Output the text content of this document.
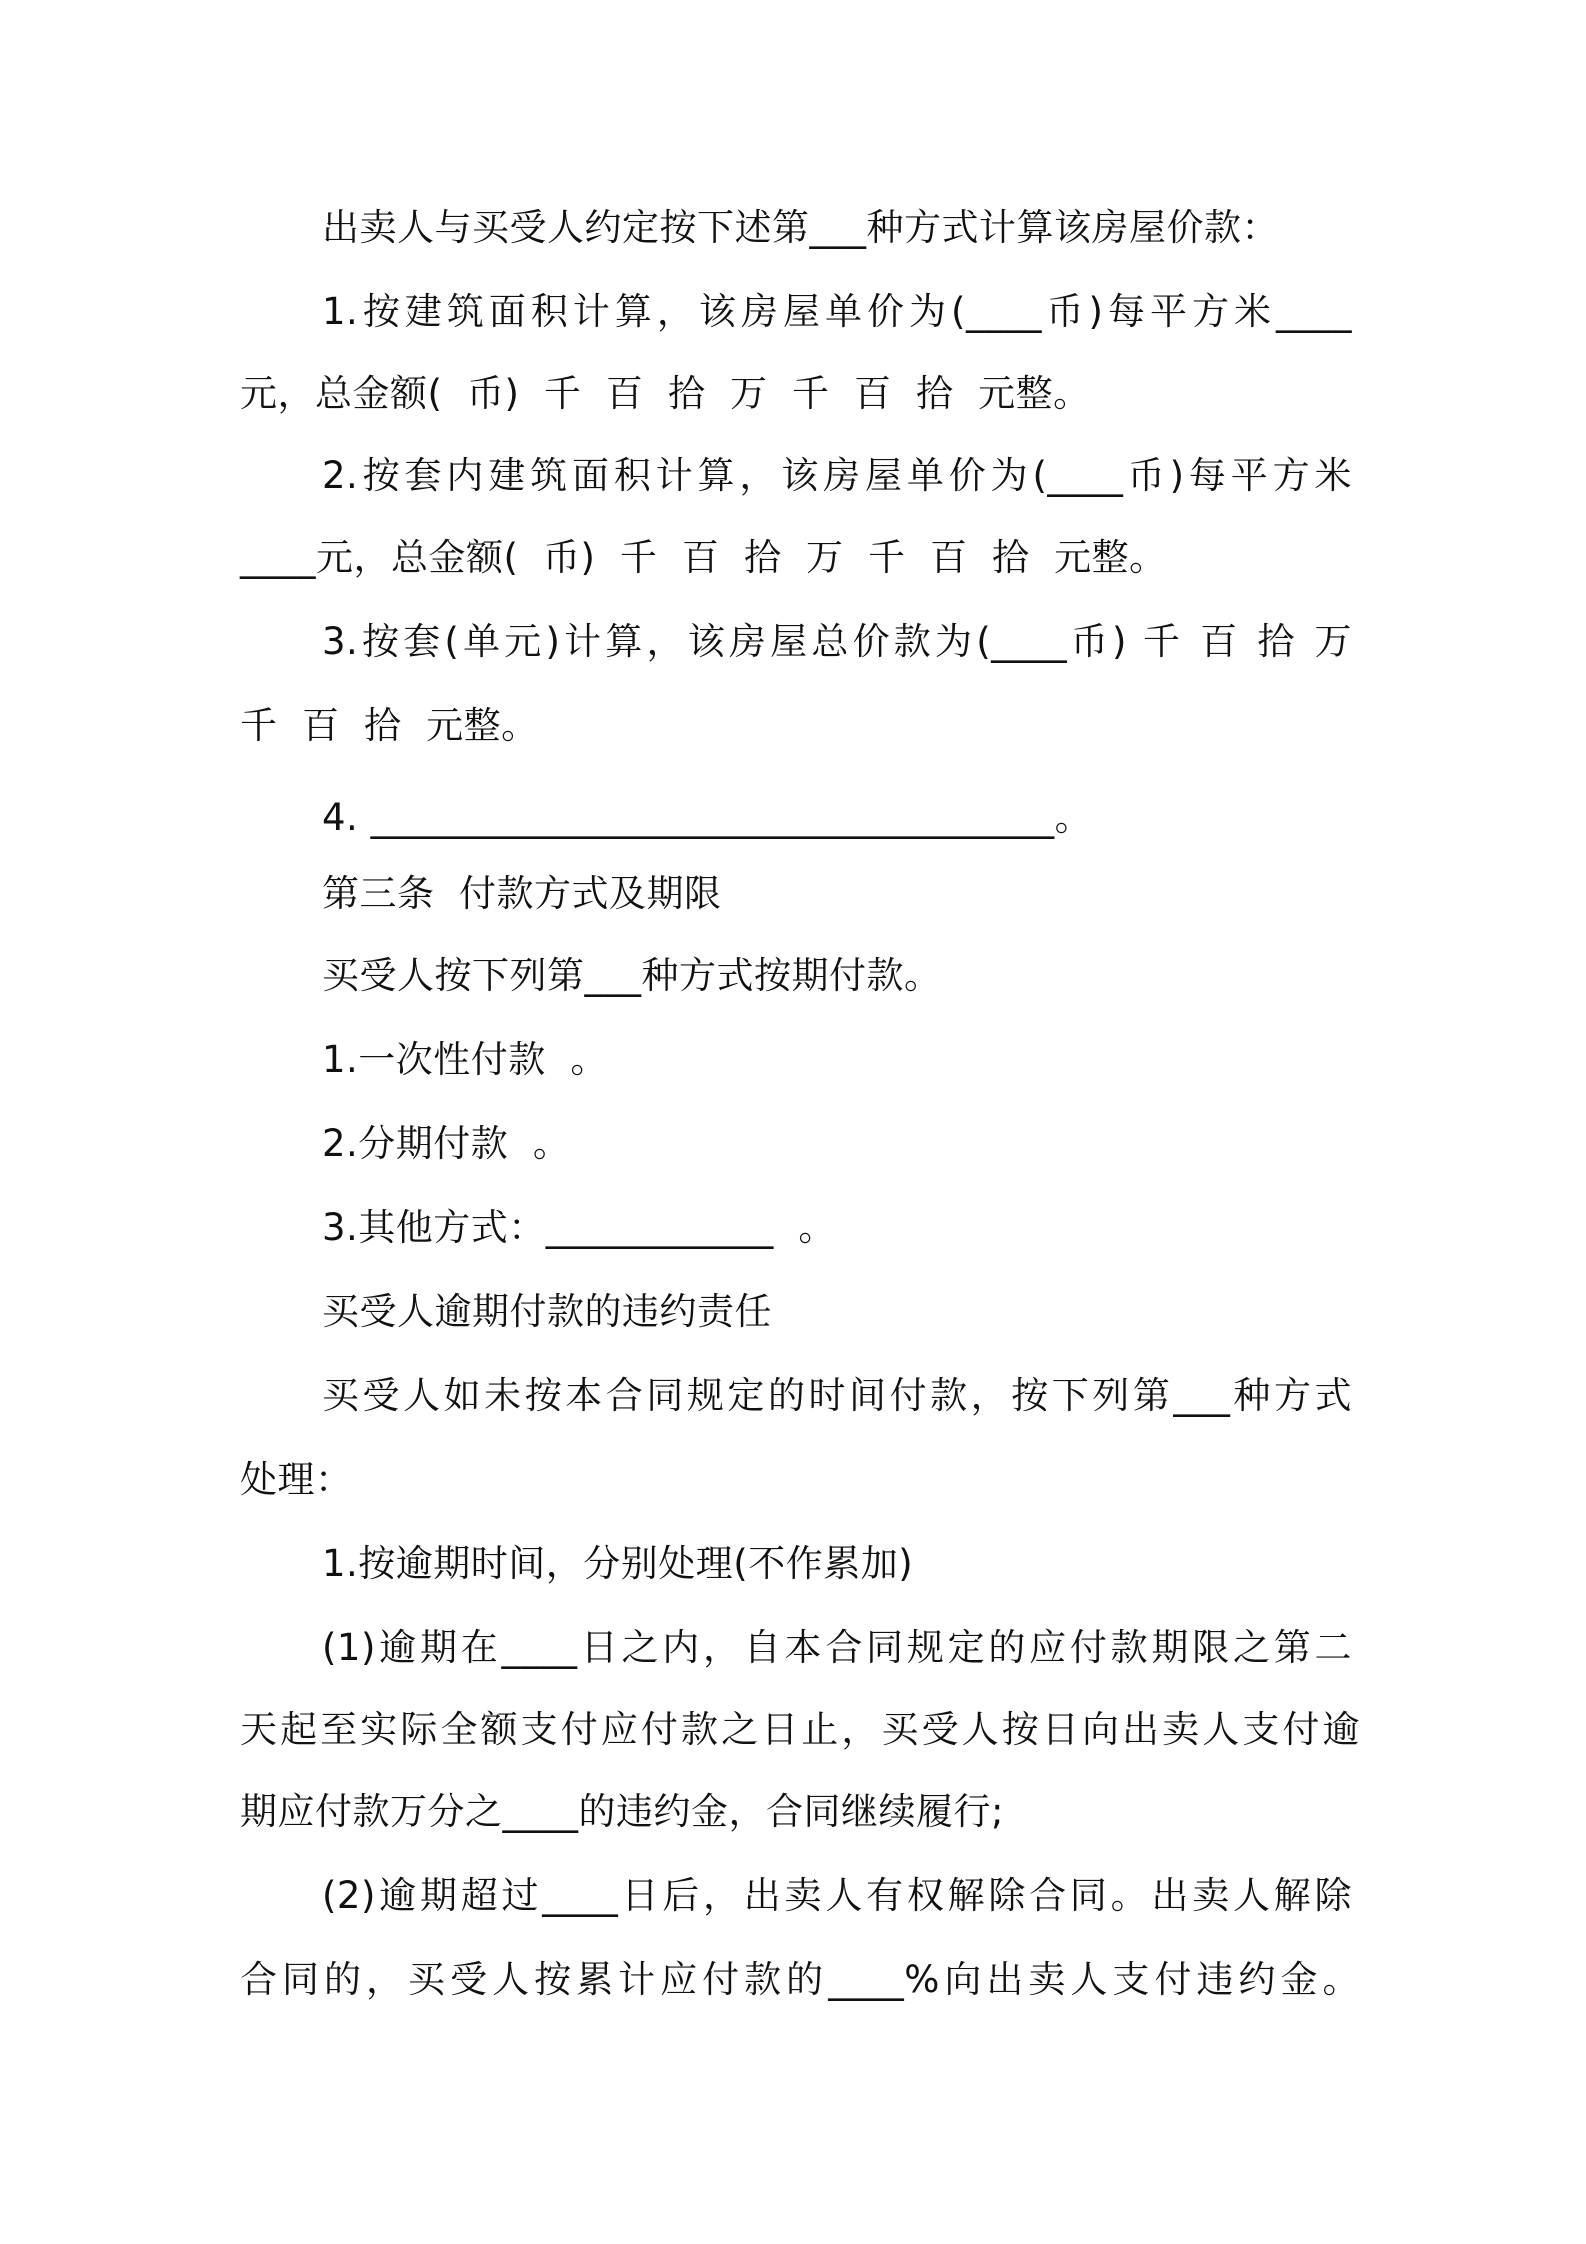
出卖人与买受人约定按下述第___种方式计算该房屋价款：
1.按建筑面积计算，该房屋单价为(____币)每平方米____
元，总金额(  币)  千  百  拾  万  千  百  拾  元整。
2.按套内建筑面积计算，该房屋单价为(____币)每平方米
____元，总金额(  币)  千  百  拾  万  千  百  拾  元整。
3.按套(单元)计算，该房屋总价款为(____币) 千 百 拾 万
千  百  拾  元整。
4. ____________________________________。
第三条  付款方式及期限
买受人按下列第___种方式按期付款。
1.一次性付款  。
2.分期付款  。
3.其他方式：____________  。
买受人逾期付款的违约责任
买受人如未按本合同规定的时间付款，按下列第___种方式
处理：
1.按逾期时间，分别处理(不作累加)
(1)逾期在____日之内，自本合同规定的应付款期限之第二
天起至实际全额支付应付款之日止，买受人按日向出卖人支付逾
期应付款万分之____的违约金，合同继续履行;
(2)逾期超过____日后，出卖人有权解除合同。出卖人解除
合同的，买受人按累计应付款的____%向出卖人支付违约金。
